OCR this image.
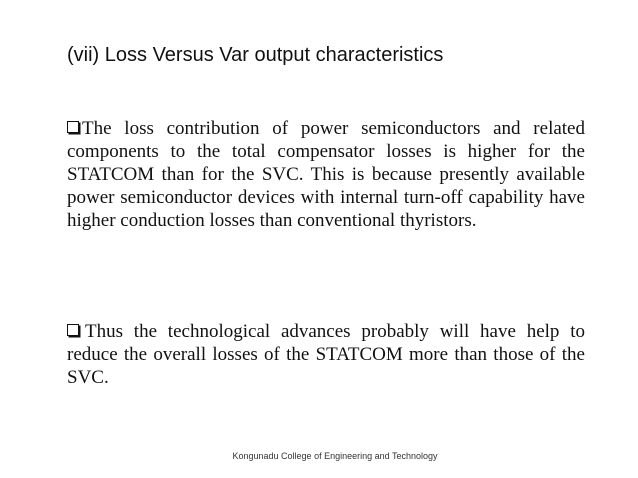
(vii) Loss Versus Var output characteristics
The loss contribution of power semiconductors and related components to the total compensator losses is higher for the STATCOM than for the SVC. This is because presently available power semiconductor devices with internal turn-off capability have higher conduction losses than conventional thyristors.
Thus the technological advances probably will have help to reduce the overall losses of the STATCOM more than those of the SVC.
Kongunadu College of Engineering and Technology
